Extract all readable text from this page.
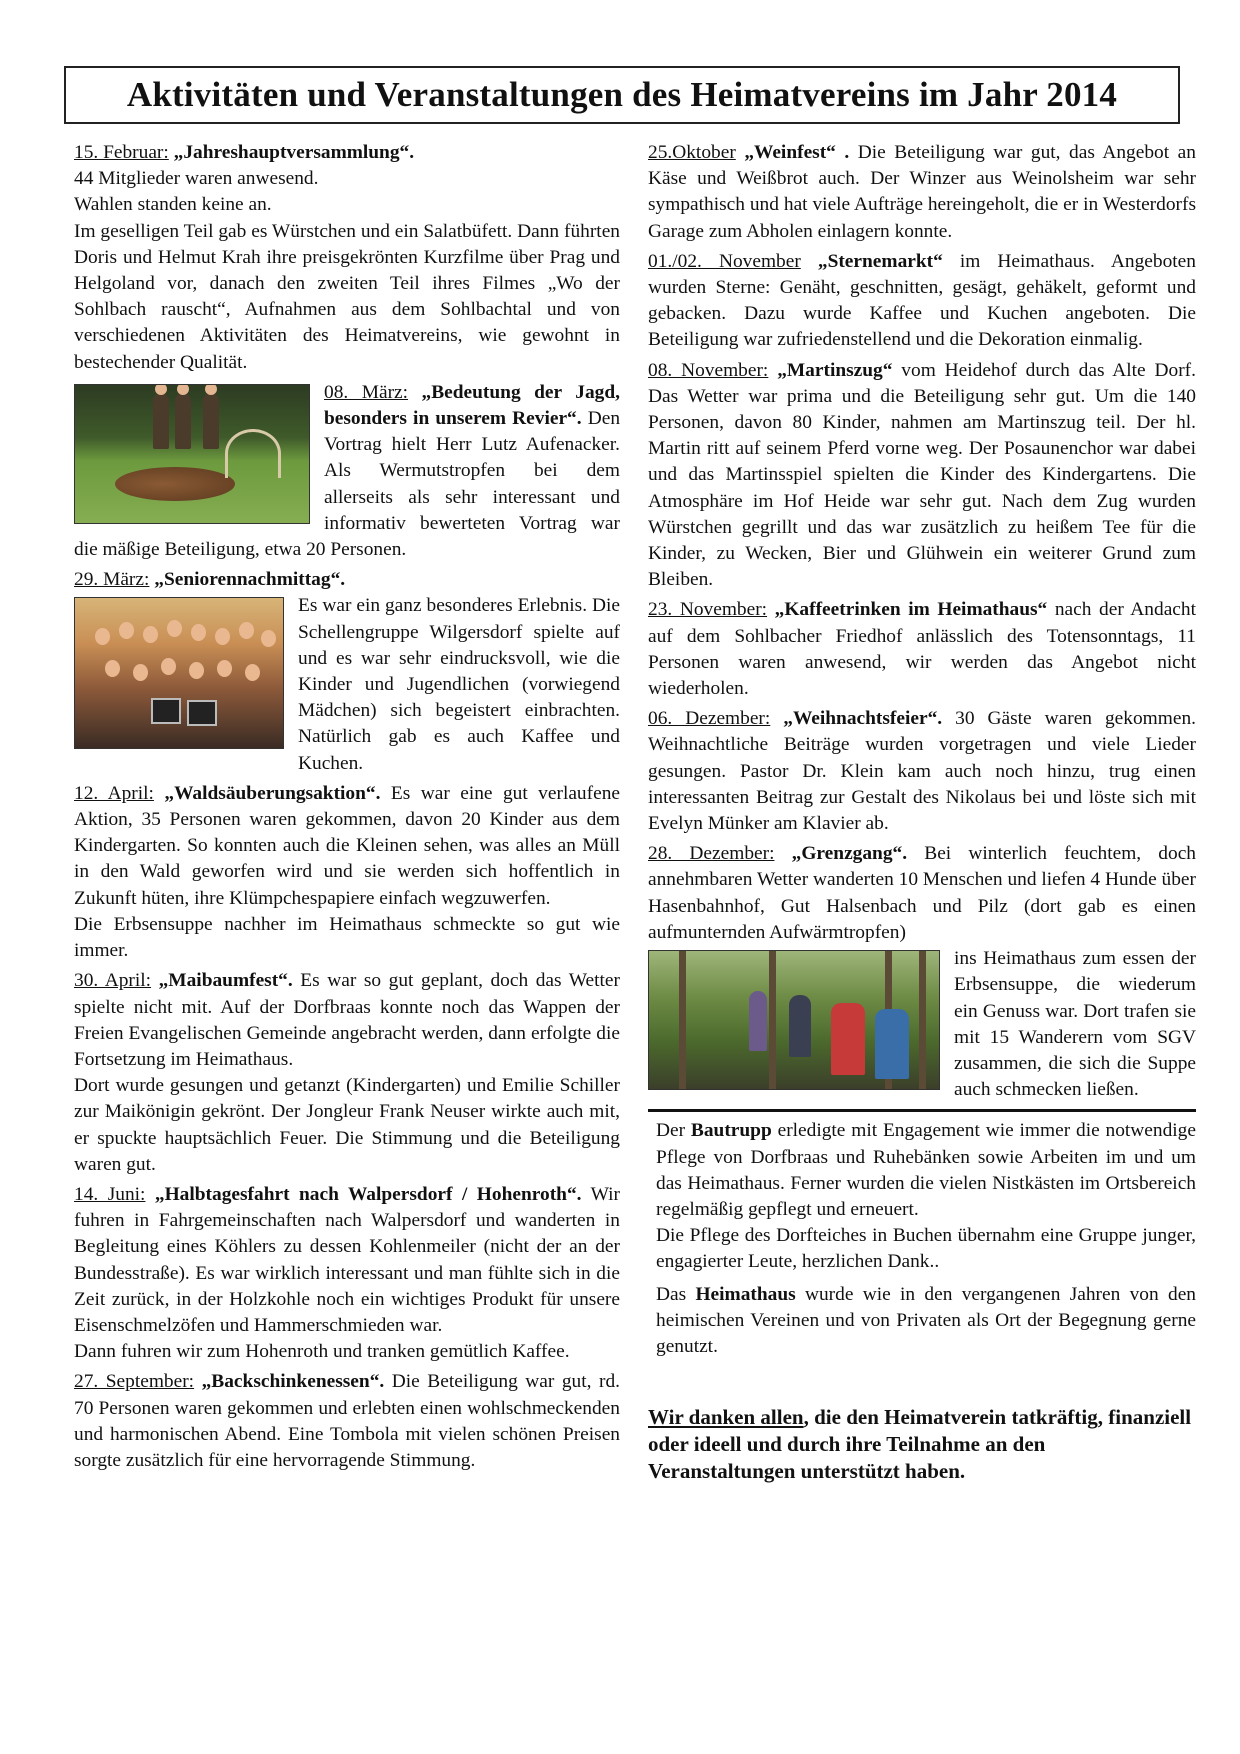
Aktivitäten und Veranstaltungen des Heimatvereins im Jahr 2014

15. Februar: „Jahreshauptversammlung“.

44 Mitglieder waren anwesend.

Wahlen standen keine an.

Im geselligen Teil gab es Würstchen und ein Salatbüfett. Dann führten Doris und Helmut Krah ihre preisgekrönten Kurzfilme über Prag und Helgoland vor, danach den zweiten Teil ihres Filmes „Wo der Sohlbach rauscht“, Aufnahmen aus dem Sohlbachtal und von verschiedenen Aktivitäten des Heimatvereins, wie gewohnt in bestechender Qualität.

08. März: „Bedeutung der Jagd, besonders in unserem Revier“. Den Vortrag hielt Herr Lutz Aufenacker. Als Wermutstropfen bei dem allerseits als sehr interessant und informativ bewerteten Vortrag war die mäßige Beteiligung, etwa 20 Personen.

29. März: „Seniorennachmittag“.

Es war ein ganz besonderes Erlebnis. Die Schellengruppe Wilgersdorf spielte auf und es war sehr eindrucksvoll, wie die Kinder und Jugendlichen (vorwiegend Mädchen) sich begeistert einbrachten. Natürlich gab es auch Kaffee und Kuchen.

12. April: „Waldsäuberungsaktion“. Es war eine gut verlaufene Aktion, 35 Personen waren gekommen, davon 20 Kinder aus dem Kindergarten. So konnten auch die Kleinen sehen, was alles an Müll in den Wald geworfen wird und sie werden sich hoffentlich in Zukunft hüten, ihre Klümpchespapiere einfach wegzuwerfen.

Die Erbsensuppe nachher im Heimathaus schmeckte so gut wie immer.

30. April: „Maibaumfest“. Es war so gut geplant, doch das Wetter spielte nicht mit. Auf der Dorfbraas konnte noch das Wappen der Freien Evangelischen Gemeinde angebracht werden, dann erfolgte die Fortsetzung im Heimathaus.

Dort wurde gesungen und getanzt (Kindergarten) und Emilie Schiller zur Maikönigin gekrönt. Der Jongleur Frank Neuser wirkte auch mit, er spuckte hauptsächlich Feuer. Die Stimmung und die Beteiligung waren gut.

14. Juni: „Halbtagesfahrt nach Walpersdorf / Hohenroth“. Wir fuhren in Fahrgemeinschaften nach Walpersdorf und wanderten in Begleitung eines Köhlers zu dessen Kohlenmeiler (nicht der an der Bundesstraße). Es war wirklich interessant und man fühlte sich in die Zeit zurück, in der Holzkohle noch ein wichtiges Produkt für unsere Eisenschmelzöfen und Hammerschmieden war.

Dann fuhren wir zum Hohenroth und tranken gemütlich Kaffee.

27. September: „Backschinkenessen“. Die Beteiligung war gut, rd. 70 Personen waren gekommen und erlebten einen wohlschmeckenden und harmonischen Abend. Eine Tombola mit vielen schönen Preisen sorgte zusätzlich für eine hervorragende Stimmung.

25.Oktober „Weinfest“ . Die Beteiligung war gut, das Angebot an Käse und Weißbrot auch. Der Winzer aus Weinolsheim war sehr sympathisch und hat viele Aufträge hereingeholt, die er in Westerdorfs Garage zum Abholen einlagern konnte.

01./02. November „Sternemarkt“ im Heimathaus. Angeboten wurden Sterne: Genäht, geschnitten, gesägt, gehäkelt, geformt und gebacken. Dazu wurde Kaffee und Kuchen angeboten. Die Beteiligung war zufriedenstellend und die Dekoration einmalig.

08. November: „Martinszug“ vom Heidehof durch das Alte Dorf. Das Wetter war prima und die Beteiligung sehr gut. Um die 140 Personen, davon 80 Kinder, nahmen am Martinszug teil. Der hl. Martin ritt auf seinem Pferd vorne weg. Der Posaunenchor war dabei und das Martinsspiel spielten die Kinder des Kindergartens. Die Atmosphäre im Hof Heide war sehr gut. Nach dem Zug wurden Würstchen gegrillt und das war zusätzlich zu heißem Tee für die Kinder, zu Wecken, Bier und Glühwein ein weiterer Grund zum Bleiben.

23. November: „Kaffeetrinken im Heimathaus“ nach der Andacht auf dem Sohlbacher Friedhof anlässlich des Totensonntags, 11 Personen waren anwesend, wir werden das Angebot nicht wiederholen.

06. Dezember: „Weihnachtsfeier“. 30 Gäste waren gekommen. Weihnachtliche Beiträge wurden vorgetragen und viele Lieder gesungen. Pastor Dr. Klein kam auch noch hinzu, trug einen interessanten Beitrag zur Gestalt des Nikolaus bei und löste sich mit Evelyn Münker am Klavier ab.

28. Dezember: „Grenzgang“. Bei winterlich feuchtem, doch annehmbaren Wetter wanderten 10 Menschen und liefen 4 Hunde über Hasenbahnhof, Gut Halsenbach und Pilz (dort gab es einen aufmunternden Aufwärmtropfen)

ins Heimathaus zum essen der Erbsensuppe, die wiederum ein Genuss war. Dort trafen sie mit 15 Wanderern vom SGV zusammen, die sich die Suppe auch schmecken ließen.

Der Bautrupp erledigte mit Engagement wie immer die notwendige Pflege von Dorfbraas und Ruhebänken sowie Arbeiten im und um das Heimathaus. Ferner wurden die vielen Nistkästen im Ortsbereich regelmäßig gepflegt und erneuert.

Die Pflege des Dorfteiches in Buchen übernahm eine Gruppe junger, engagierter Leute, herzlichen Dank..

Das Heimathaus wurde wie in den vergangenen Jahren von den heimischen Vereinen und von Privaten als Ort der Begegnung gerne genutzt.

Wir danken allen, die den Heimatverein tatkräftig, finanziell oder ideell und durch ihre Teilnahme an den Veranstaltungen unterstützt haben.
